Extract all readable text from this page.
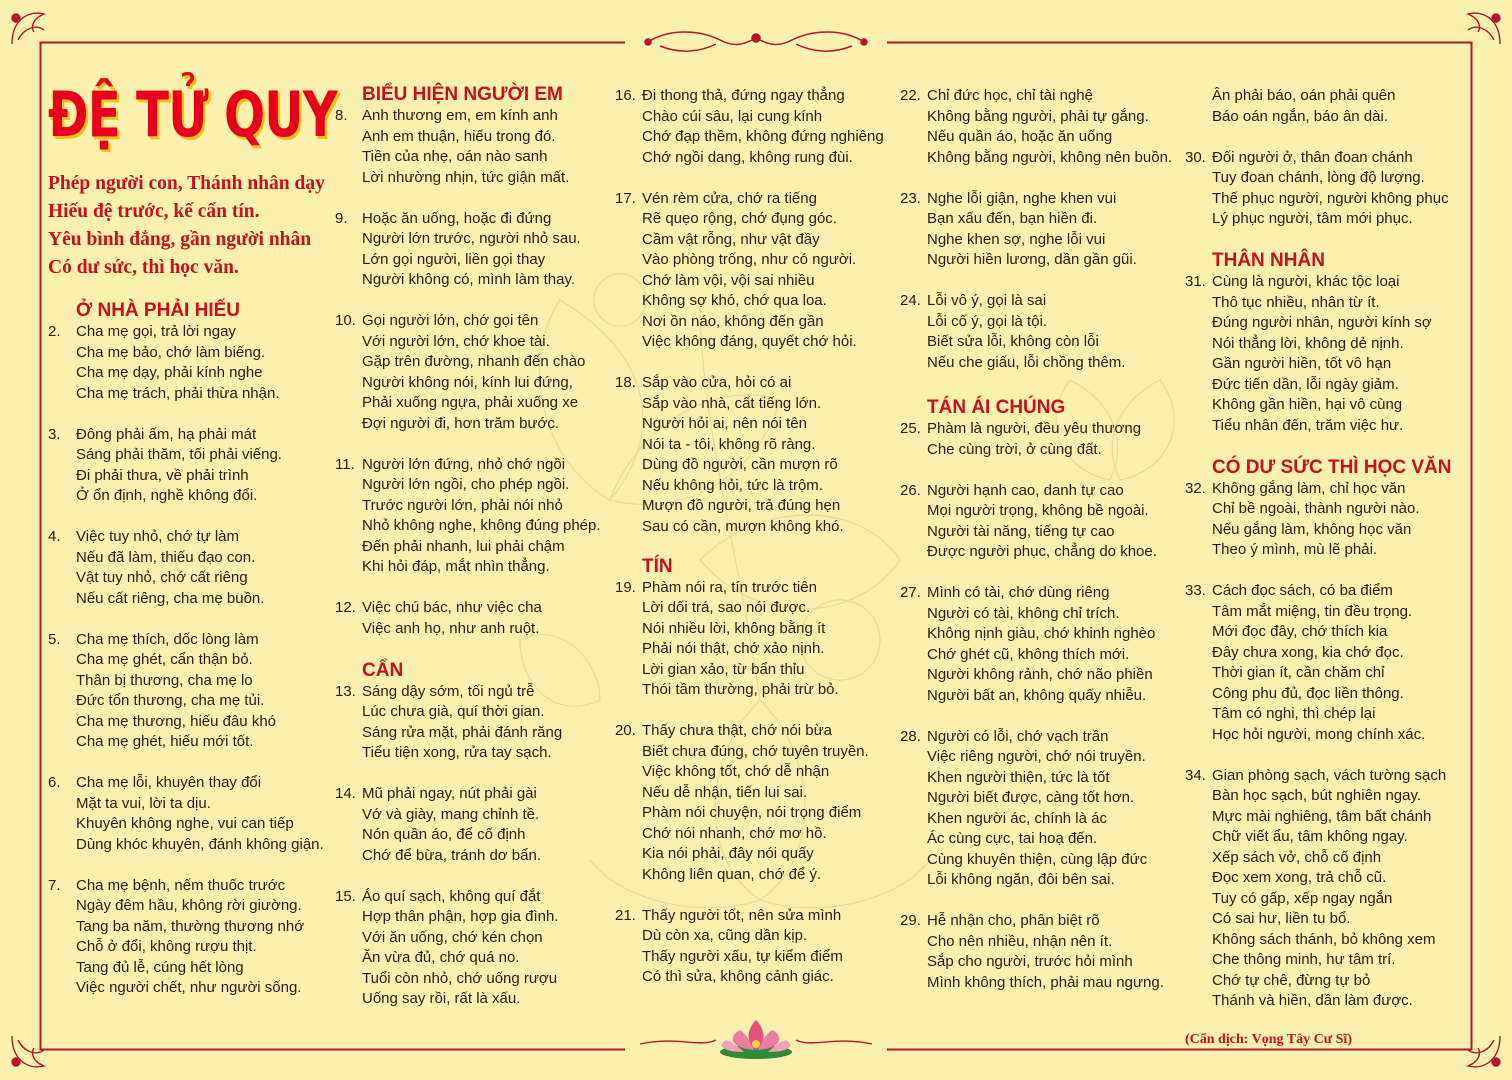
ĐỆ TỬ QUY
Phép người con, Thánh nhân dạy
Hiếu đệ trước, kế cẩn tín.
Yêu bình đẳng, gần người nhân
Có dư sức, thì học văn.
Ở NHÀ PHẢI HIẾU
2. Cha mẹ gọi, trả lời ngay
Cha mẹ bảo, chớ làm biếng.
Cha mẹ dạy, phải kính nghe
Cha mẹ trách, phải thừa nhận.
3. Đông phải ấm, hạ phải mát
Sáng phải thăm, tối phải viếng.
Đi phải thưa, về phải trình
Ở ổn định, nghề không đổi.
4. Việc tuy nhỏ, chớ tự làm
Nếu đã làm, thiếu đạo con.
Vật tuy nhỏ, chớ cất riêng
Nếu cất riêng, cha mẹ buồn.
5. Cha mẹ thích, dốc lòng làm
Cha mẹ ghét, cẩn thận bỏ.
Thân bị thương, cha mẹ lo
Đức tổn thương, cha mẹ tủi.
Cha mẹ thương, hiếu đâu khó
Cha mẹ ghét, hiếu mới tốt.
6. Cha mẹ lỗi, khuyên thay đổi
Mặt ta vui, lời ta dịu.
Khuyên không nghe, vui can tiếp
Dùng khóc khuyên, đánh không giận.
7. Cha mẹ bệnh, nếm thuốc trước
Ngày đêm hầu, không rời giường.
Tang ba năm, thường thương nhớ
Chỗ ở đổi, không rượu thịt.
Tang đủ lễ, cúng hết lòng
Việc người chết, như người sống.
BIỂU HIỆN NGƯỜI EM
8. Anh thương em, em kính anh
Anh em thuận, hiếu trong đó.
Tiền của nhẹ, oán nào sanh
Lời nhường nhịn, tức giận mất.
9. Hoặc ăn uống, hoặc đi đứng
Người lớn trước, người nhỏ sau.
Lớn gọi người, liền gọi thay
Người không có, mình làm thay.
10. Gọi người lớn, chớ gọi tên
Với người lớn, chớ khoe tài.
Gặp trên đường, nhanh đến chào
Người không nói, kính lui đứng,
Phải xuống ngựa, phải xuống xe
Đợi người đi, hơn trăm bước.
11. Người lớn đứng, nhỏ chớ ngồi
Người lớn ngồi, cho phép ngồi.
Trước người lớn, phải nói nhỏ
Nhỏ không nghe, không đúng phép.
Đến phải nhanh, lui phải chậm
Khi hỏi đáp, mắt nhìn thẳng.
12. Việc chú bác, như việc cha
Việc anh họ, như anh ruột.
CẨN
13. Sáng dậy sớm, tối ngủ trễ
Lúc chưa già, quí thời gian.
Sáng rửa mặt, phải đánh răng
Tiểu tiện xong, rửa tay sạch.
14. Mũ phải ngay, nút phải gài
Vớ và giày, mang chỉnh tề.
Nón quần áo, để cố định
Chớ để bừa, tránh dơ bẩn.
15. Áo quí sạch, không quí đắt
Hợp thân phận, hợp gia đình.
Với ăn uống, chớ kén chọn
Ăn vừa đủ, chớ quá no.
Tuổi còn nhỏ, chớ uống rượu
Uống say rồi, rất là xấu.
16. Đi thong thả, đứng ngay thẳng
Chào cúi sâu, lại cung kính
Chớ đạp thềm, không đứng nghiêng
Chớ ngồi dang, không rung đùi.
17. Vén rèm cửa, chớ ra tiếng
Rẽ quẹo rộng, chớ đụng góc.
Cầm vật rỗng, như vật đầy
Vào phòng trống, như có người.
Chớ làm vội, vội sai nhiều
Không sợ khó, chớ qua loa.
Nơi ồn náo, không đến gần
Việc không đáng, quyết chớ hỏi.
18. Sắp vào cửa, hỏi có ai
Sắp vào nhà, cất tiếng lớn.
Người hỏi ai, nên nói tên
Nói ta - tôi, không rõ ràng.
Dùng đồ người, cần mượn rõ
Nếu không hỏi, tức là trộm.
Mượn đồ người, trả đúng hẹn
Sau có cần, mượn không khó.
TÍN
19. Phàm nói ra, tín trước tiên
Lời dối trá, sao nói được.
Nói nhiều lời, không bằng ít
Phải nói thật, chớ xảo nịnh.
Lời gian xảo, từ bẩn thỉu
Thói tầm thường, phải trừ bỏ.
20. Thấy chưa thật, chớ nói bừa
Biết chưa đúng, chớ tuyên truyền.
Việc không tốt, chớ dễ nhận
Nếu dễ nhận, tiến lui sai.
Phàm nói chuyện, nói trọng điểm
Chớ nói nhanh, chớ mơ hồ.
Kia nói phải, đây nói quấy
Không liên quan, chớ để ý.
21. Thấy người tốt, nên sửa mình
Dù còn xa, cũng dần kịp.
Thấy người xấu, tự kiểm điểm
Có thì sửa, không cảnh giác.
22. Chỉ đức học, chỉ tài nghệ
Không bằng người, phải tự gắng.
Nếu quần áo, hoặc ăn uống
Không bằng người, không nên buồn.
23. Nghe lỗi giận, nghe khen vui
Bạn xấu đến, bạn hiền đi.
Nghe khen sợ, nghe lỗi vui
Người hiền lương, dần gần gũi.
24. Lỗi vô ý, gọi là sai
Lỗi cố ý, gọi là tội.
Biết sửa lỗi, không còn lỗi
Nếu che giấu, lỗi chồng thêm.
TÁN ÁI CHÚNG
25. Phàm là người, đều yêu thương
Che cùng trời, ở cùng đất.
26. Người hạnh cao, danh tự cao
Mọi người trọng, không bề ngoài.
Người tài năng, tiếng tự cao
Được người phục, chẳng do khoe.
27. Mình có tài, chớ dùng riêng
Người có tài, không chỉ trích.
Không nịnh giàu, chớ khinh nghèo
Chớ ghét cũ, không thích mới.
Người không rảnh, chớ não phiền
Người bất an, không quấy nhiễu.
28. Người có lỗi, chớ vạch trần
Việc riêng người, chớ nói truyền.
Khen người thiện, tức là tốt
Người biết được, càng tốt hơn.
Khen người ác, chính là ác
Ác cùng cực, tai hoạ đến.
Cùng khuyên thiện, cùng lập đức
Lỗi không ngăn, đôi bên sai.
29. Hễ nhận cho, phân biệt rõ
Cho nên nhiều, nhận nên ít.
Sắp cho người, trước hỏi mình
Mình không thích, phải mau ngưng.
Ân phải báo, oán phải quên
Báo oán ngắn, báo ân dài.
30. Đối người ở, thân đoan chánh
Tuy đoan chánh, lòng độ lượng.
Thế phục người, người không phục
Lý phục người, tâm mới phục.
THÂN NHÂN
31. Cùng là người, khác tộc loại
Thô tục nhiều, nhân từ ít.
Đúng người nhân, người kính sợ
Nói thẳng lời, không dẻ nịnh.
Gần người hiền, tốt vô hạn
Đức tiến dần, lỗi ngày giảm.
Không gần hiền, hại vô cùng
Tiểu nhân đến, trăm việc hư.
CÓ DƯ SỨC THÌ HỌC VĂN
32. Không gắng làm, chỉ học văn
Chỉ bề ngoài, thành người nào.
Nếu gắng làm, không học văn
Theo ý mình, mù lẽ phải.
33. Cách đọc sách, có ba điểm
Tâm mắt miệng, tin đều trọng.
Mới đọc đây, chớ thích kia
Đây chưa xong, kia chớ đọc.
Thời gian ít, cần chăm chỉ
Công phu đủ, đọc liền thông.
Tâm có nghi, thì chép lại
Học hỏi người, mong chính xác.
34. Gian phòng sạch, vách tường sạch
Bàn học sạch, bút nghiên ngay.
Mực mài nghiêng, tâm bất chánh
Chữ viết ẩu, tâm không ngay.
Xếp sách vở, chỗ cố định
Đọc xem xong, trả chỗ cũ.
Tuy có gấp, xếp ngay ngắn
Có sai hư, liền tu bổ.
Không sách thánh, bỏ không xem
Che thông minh, hư tâm trí.
Chớ tự chê, đừng tự bỏ
Thánh và hiền, dần làm được.
(Cẩn dịch: Vọng Tây Cư Sĩ)
